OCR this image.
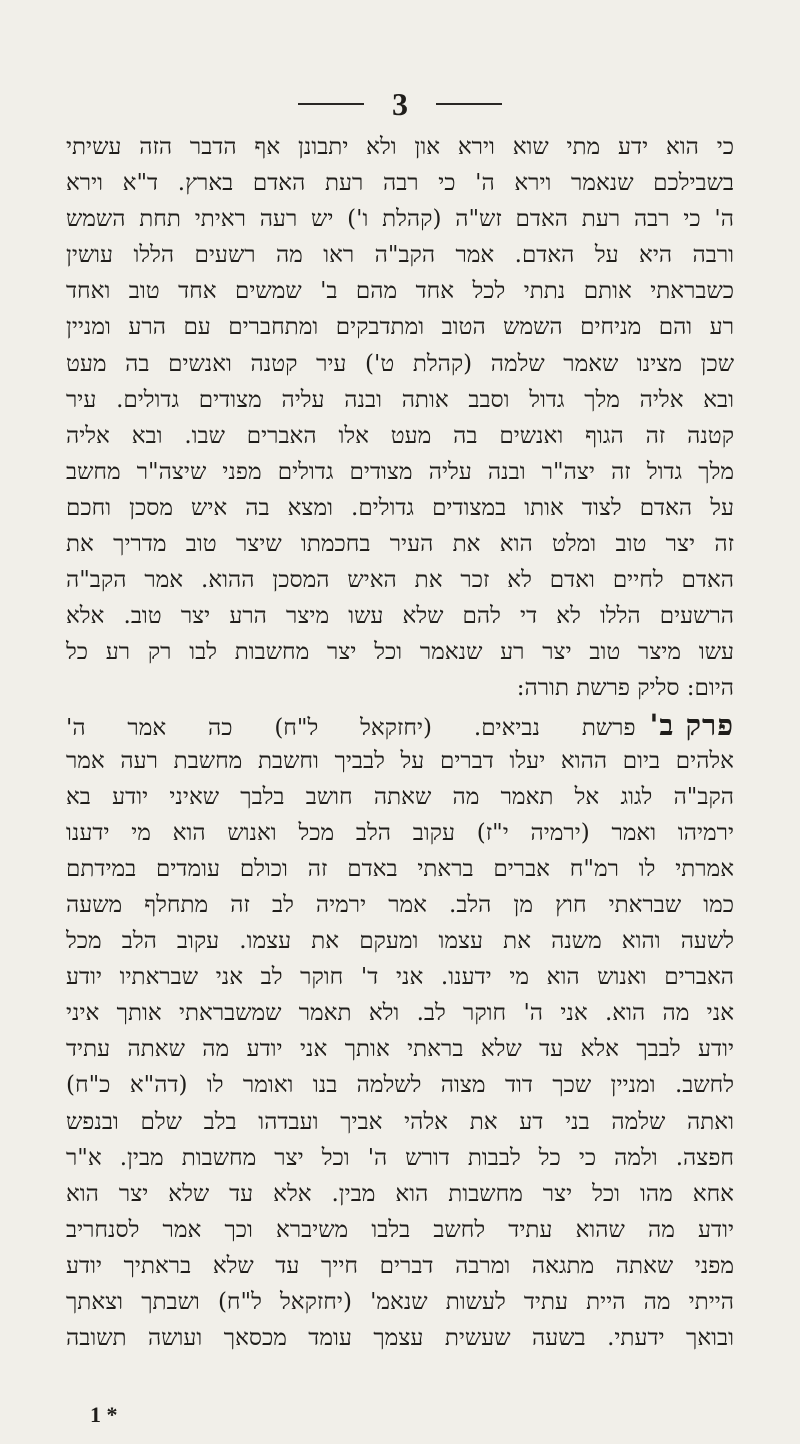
3
כי הוא ידע מתי שוא וירא און ולא יתבונן אף הדבר הזה עשיתי
בשבילכם שנאמר וירא ה' כי רבה רעת האדם בארץ. ד"א וירא
ה' כי רבה רעת האדם זש"ה (קהלת ו') יש רעה ראיתי תחת השמש
ורבה היא על האדם. אמר הקב"ה ראו מה רשעים הללו עושין
כשבראתי אותם נתתי לכל אחד מהם ב' שמשים אחד טוב ואחד
רע והם מניחים השמש הטוב ומתדבקים ומתחברים עם הרע ומניין
שכן מצינו שאמר שלמה (קהלת ט') עיר קטנה ואנשים בה מעט
ובא אליה מלך גדול וסבב אותה ובנה עליה מצודים גדולים. עיר
קטנה זה הגוף ואנשים בה מעט אלו האברים שבו. ובא אליה
מלך גדול זה יצה"ר ובנה עליה מצודים גדולים מפני שיצה"ר מחשב
על האדם לצוד אותו במצודים גדולים. ומצא בה איש מסכן וחכם
זה יצר טוב ומלט הוא את העיר בחכמתו שיצר טוב מדריך את
האדם לחיים ואדם לא זכר את האיש המסכן ההוא. אמר הקב"ה
הרשעים הללו לא די להם שלא עשו מיצר הרע יצר טוב. אלא
עשו מיצר טוב יצר רע שנאמר וכל יצר מחשבות לבו רק רע כל
היום: סליק פרשת תורה:
פרק ב'
פרשת נביאים. (יחזקאל ל"ח) כה אמר ה'
אלהים ביום ההוא יעלו דברים על לבביך וחשבת מחשבת רעה אמר
הקב"ה לגוג אל תאמר מה שאתה חושב בלבך שאיני יודע בא
ירמיהו ואמר (ירמיה י"ז) עקוב הלב מכל ואנוש הוא מי ידענו
אמרתי לו רמ"ח אברים בראתי באדם זה וכולם עומדים במידתם
כמו שבראתי חוץ מן הלב. אמר ירמיה לב זה מתחלף משעה
לשעה והוא משנה את עצמו ומעקם את עצמו. עקוב הלב מכל
האברים ואנוש הוא מי ידענו. אני ד' חוקר לב אני שבראתיו יודע
אני מה הוא. אני ה' חוקר לב. ולא תאמר שמשבראתי אותך איני
יודע לבבך אלא עד שלא בראתי אותך אני יודע מה שאתה עתיד
לחשב. ומניין שכך דוד מצוה לשלמה בנו ואומר לו (דה"א כ"ח)
ואתה שלמה בני דע את אלהי אביך ועבדהו בלב שלם ובנפש
חפצה. ולמה כי כל לבבות דורש ה' וכל יצר מחשבות מבין. א"ר
אחא מהו וכל יצר מחשבות הוא מבין. אלא עד שלא יצר הוא
יודע מה שהוא עתיד לחשב בלבו משיברא וכך אמר לסנחריב
מפני שאתה מתגאה ומרבה דברים חייך עד שלא בראתיך יודע
הייתי מה היית עתיד לעשות שנאמ' (יחזקאל ל"ח) ושבתך וצאתך
ובואך ידעתי. בשעה שעשית עצמך עומד מכסאך ועושה תשובה
1 *
